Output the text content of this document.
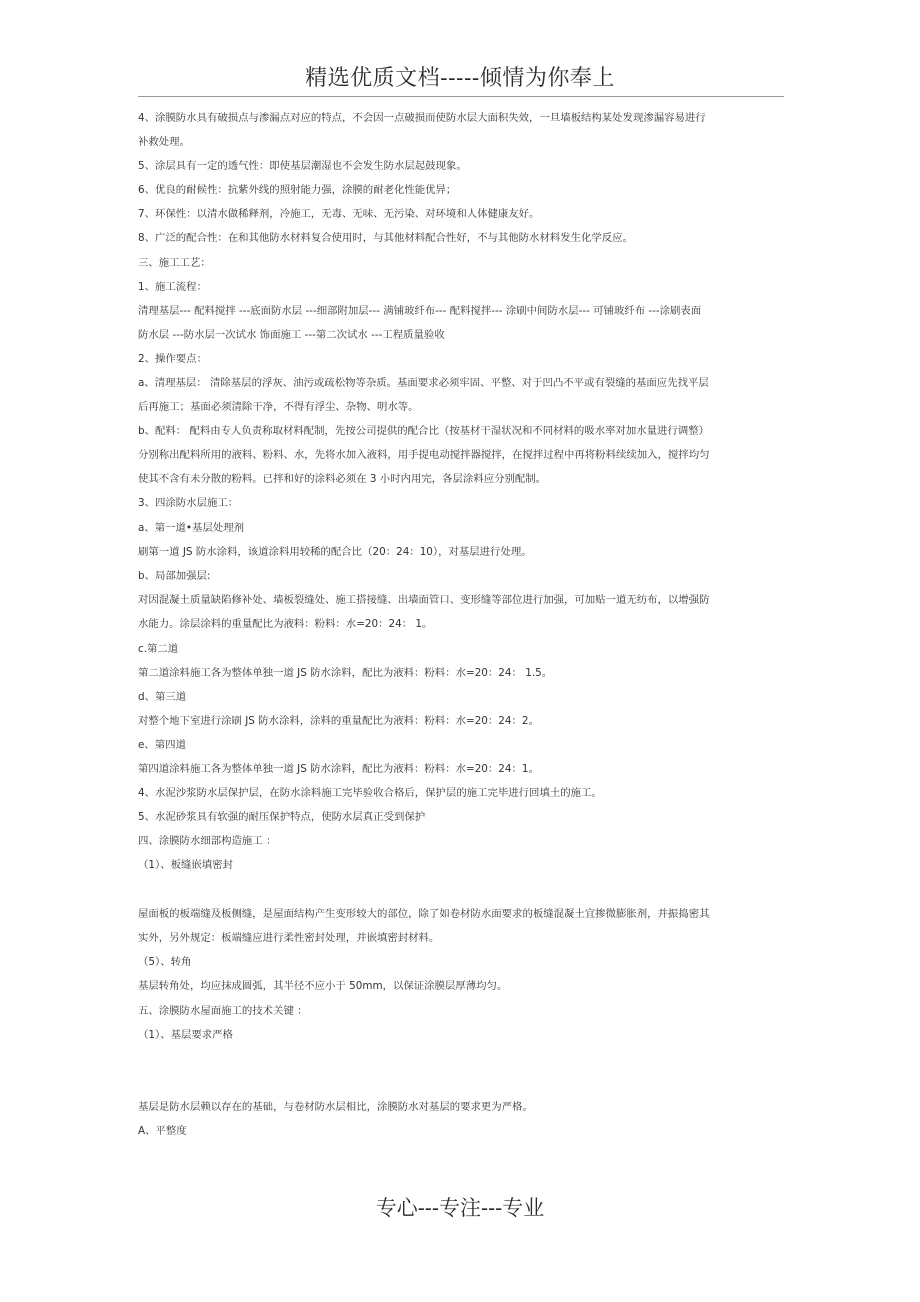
精选优质文档-----倾情为你奉上
4、涂膜防水具有破损点与渗漏点对应的特点，不会因一点破损而使防水层大面积失效，一旦墙板结构某处发现渗漏容易进行
补救处理。
5、涂层具有一定的透气性：即使基层潮湿也不会发生防水层起鼓现象。
6、优良的耐候性：抗紫外线的照射能力强，涂膜的耐老化性能优异；
7、环保性：以清水做稀释剂，冷施工，无毒、无味、无污染、对环境和人体健康友好。
8、广泛的配合性：在和其他防水材料复合使用时，与其他材料配合性好，不与其他防水材料发生化学反应。
三、施工工艺：
1、施工流程：
清理基层--- 配料搅拌 ---底面防水层 ---细部附加层--- 满铺玻纤布--- 配料搅拌--- 涂刷中间防水层--- 可铺玻纤布 ---涂刷表面
防水层 ---防水层一次试水 饰面施工 ---第二次试水 ---工程质量验收
2、操作要点：
a、清理基层： 清除基层的浮灰、油污或疏松物等杂质。基面要求必须牢固、平整、对于凹凸不平或有裂缝的基面应先找平层
后再施工；基面必须清除干净，不得有浮尘、杂物、明水等。
b、配料： 配料由专人负责称取材料配制，先按公司提供的配合比（按基材干湿状况和不同材料的吸水率对加水量进行调整）
分别称出配料所用的液料、粉料、水，先将水加入液料，用手提电动搅拌器搅拌，在搅拌过程中再将粉料续续加入，搅拌均匀
使其不含有未分散的粉料。已拌和好的涂料必须在 3 小时内用完，各层涂料应分别配制。
3、四涂防水层施工：
a、第一道•基层处理剂
刷第一道 JS 防水涂料，该道涂料用较稀的配合比（20：24：10），对基层进行处理。
b、局部加强层:
对因混凝土质量缺陷修补处、墙板裂缝处、施工搭接缝、出墙面管口、变形缝等部位进行加强，可加贴一道无纺布，以增强防
水能力。涂层涂料的重量配比为液料：粉料：水=20：24： 1。
c.第二道
第二道涂料施工各为整体单独一道 JS 防水涂料，配比为液料：粉料：水=20：24： 1.5。
d、第三道
对整个地下室进行涂刷 JS 防水涂料，涂料的重量配比为液料：粉料：水=20：24：2。
e、第四道
第四道涂料施工各为整体单独一道 JS 防水涂料，配比为液料：粉料：水=20：24：1。
4、水泥沙浆防水层保护层，在防水涂料施工完毕验收合格后，保护层的施工完毕进行回填土的施工。
5、水泥砂浆具有软强的耐压保护特点，使防水层真正受到保护
四、涂膜防水细部构造施工 ：
（1）、板缝嵌填密封
屋面板的板端缝及板侧缝，是屋面结构产生变形较大的部位，除了如卷材防水面要求的板缝混凝土宜掺微膨胀剂，并振捣密其
实外，另外规定：板端缝应进行柔性密封处理，并嵌填密封材料。
（5）、转角
基层转角处，均应抹成圆弧，其半径不应小于 50mm，以保证涂膜层厚薄均匀。
五、涂膜防水屋面施工的技术关键 ：
（1）、基层要求严格
基层是防水层赖以存在的基础，与卷材防水层相比，涂膜防水对基层的要求更为严格。
A、平整度
专心---专注---专业
